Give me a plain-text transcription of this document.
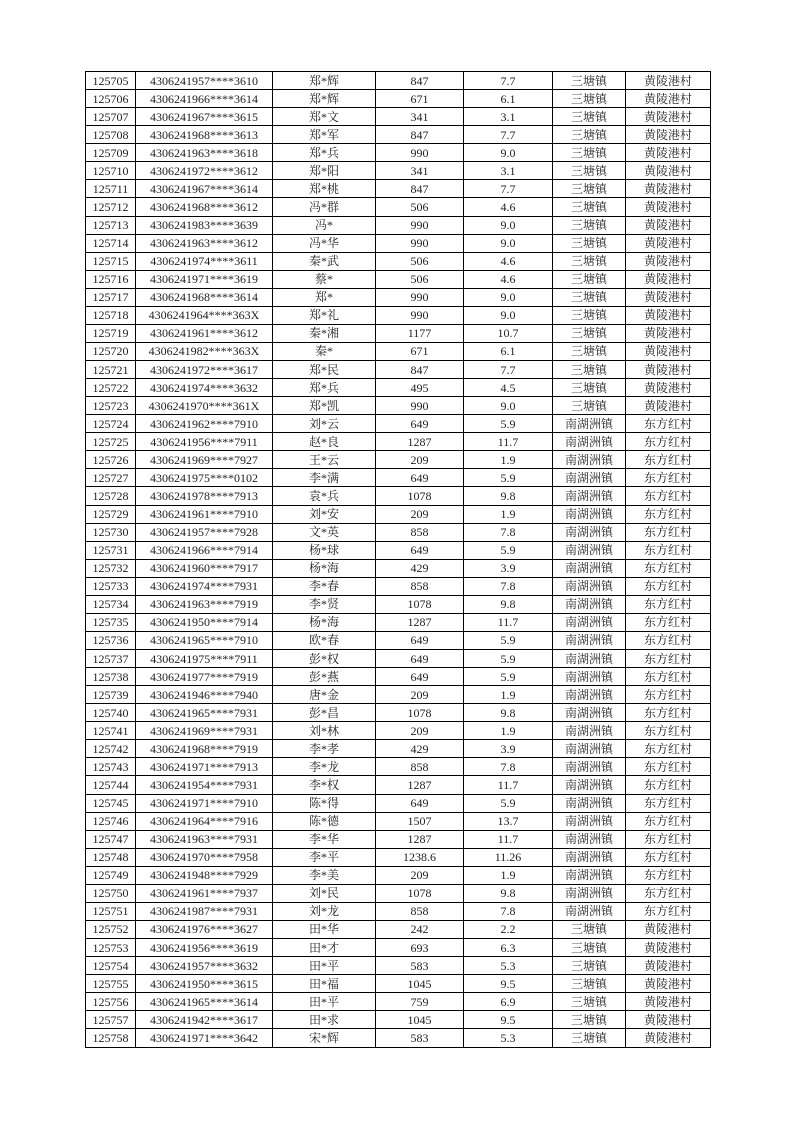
125705	4306241957****3610	郑*辉	847	7.7	三塘镇	黄陵港村
125706	4306241966****3614	郑*辉	671	6.1	三塘镇	黄陵港村
125707	4306241967****3615	郑*文	341	3.1	三塘镇	黄陵港村
125708	4306241968****3613	郑*军	847	7.7	三塘镇	黄陵港村
125709	4306241963****3618	郑*兵	990	9.0	三塘镇	黄陵港村
125710	4306241972****3612	郑*阳	341	3.1	三塘镇	黄陵港村
125711	4306241967****3614	郑*桃	847	7.7	三塘镇	黄陵港村
125712	4306241968****3612	冯*群	506	4.6	三塘镇	黄陵港村
125713	4306241983****3639	冯*	990	9.0	三塘镇	黄陵港村
125714	4306241963****3612	冯*华	990	9.0	三塘镇	黄陵港村
125715	4306241974****3611	秦*武	506	4.6	三塘镇	黄陵港村
125716	4306241971****3619	蔡*	506	4.6	三塘镇	黄陵港村
125717	4306241968****3614	郑*	990	9.0	三塘镇	黄陵港村
125718	4306241964****363X	郑*礼	990	9.0	三塘镇	黄陵港村
125719	4306241961****3612	秦*湘	1177	10.7	三塘镇	黄陵港村
125720	4306241982****363X	秦*	671	6.1	三塘镇	黄陵港村
125721	4306241972****3617	郑*民	847	7.7	三塘镇	黄陵港村
125722	4306241974****3632	郑*兵	495	4.5	三塘镇	黄陵港村
125723	4306241970****361X	郑*凯	990	9.0	三塘镇	黄陵港村
125724	4306241962****7910	刘*云	649	5.9	南湖洲镇	东方红村
125725	4306241956****7911	赵*良	1287	11.7	南湖洲镇	东方红村
125726	4306241969****7927	王*云	209	1.9	南湖洲镇	东方红村
125727	4306241975****0102	李*满	649	5.9	南湖洲镇	东方红村
125728	4306241978****7913	袁*兵	1078	9.8	南湖洲镇	东方红村
125729	4306241961****7910	刘*安	209	1.9	南湖洲镇	东方红村
125730	4306241957****7928	文*英	858	7.8	南湖洲镇	东方红村
125731	4306241966****7914	杨*球	649	5.9	南湖洲镇	东方红村
125732	4306241960****7917	杨*海	429	3.9	南湖洲镇	东方红村
125733	4306241974****7931	李*春	858	7.8	南湖洲镇	东方红村
125734	4306241963****7919	李*贤	1078	9.8	南湖洲镇	东方红村
125735	4306241950****7914	杨*海	1287	11.7	南湖洲镇	东方红村
125736	4306241965****7910	欧*春	649	5.9	南湖洲镇	东方红村
125737	4306241975****7911	彭*权	649	5.9	南湖洲镇	东方红村
125738	4306241977****7919	彭*燕	649	5.9	南湖洲镇	东方红村
125739	4306241946****7940	唐*金	209	1.9	南湖洲镇	东方红村
125740	4306241965****7931	彭*昌	1078	9.8	南湖洲镇	东方红村
125741	4306241969****7931	刘*林	209	1.9	南湖洲镇	东方红村
125742	4306241968****7919	李*孝	429	3.9	南湖洲镇	东方红村
125743	4306241971****7913	李*龙	858	7.8	南湖洲镇	东方红村
125744	4306241954****7931	李*权	1287	11.7	南湖洲镇	东方红村
125745	4306241971****7910	陈*得	649	5.9	南湖洲镇	东方红村
125746	4306241964****7916	陈*德	1507	13.7	南湖洲镇	东方红村
125747	4306241963****7931	李*华	1287	11.7	南湖洲镇	东方红村
125748	4306241970****7958	李*平	1238.6	11.26	南湖洲镇	东方红村
125749	4306241948****7929	李*美	209	1.9	南湖洲镇	东方红村
125750	4306241961****7937	刘*民	1078	9.8	南湖洲镇	东方红村
125751	4306241987****7931	刘*龙	858	7.8	南湖洲镇	东方红村
125752	4306241976****3627	田*华	242	2.2	三塘镇	黄陵港村
125753	4306241956****3619	田*才	693	6.3	三塘镇	黄陵港村
125754	4306241957****3632	田*平	583	5.3	三塘镇	黄陵港村
125755	4306241950****3615	田*福	1045	9.5	三塘镇	黄陵港村
125756	4306241965****3614	田*平	759	6.9	三塘镇	黄陵港村
125757	4306241942****3617	田*求	1045	9.5	三塘镇	黄陵港村
125758	4306241971****3642	宋*辉	583	5.3	三塘镇	黄陵港村
